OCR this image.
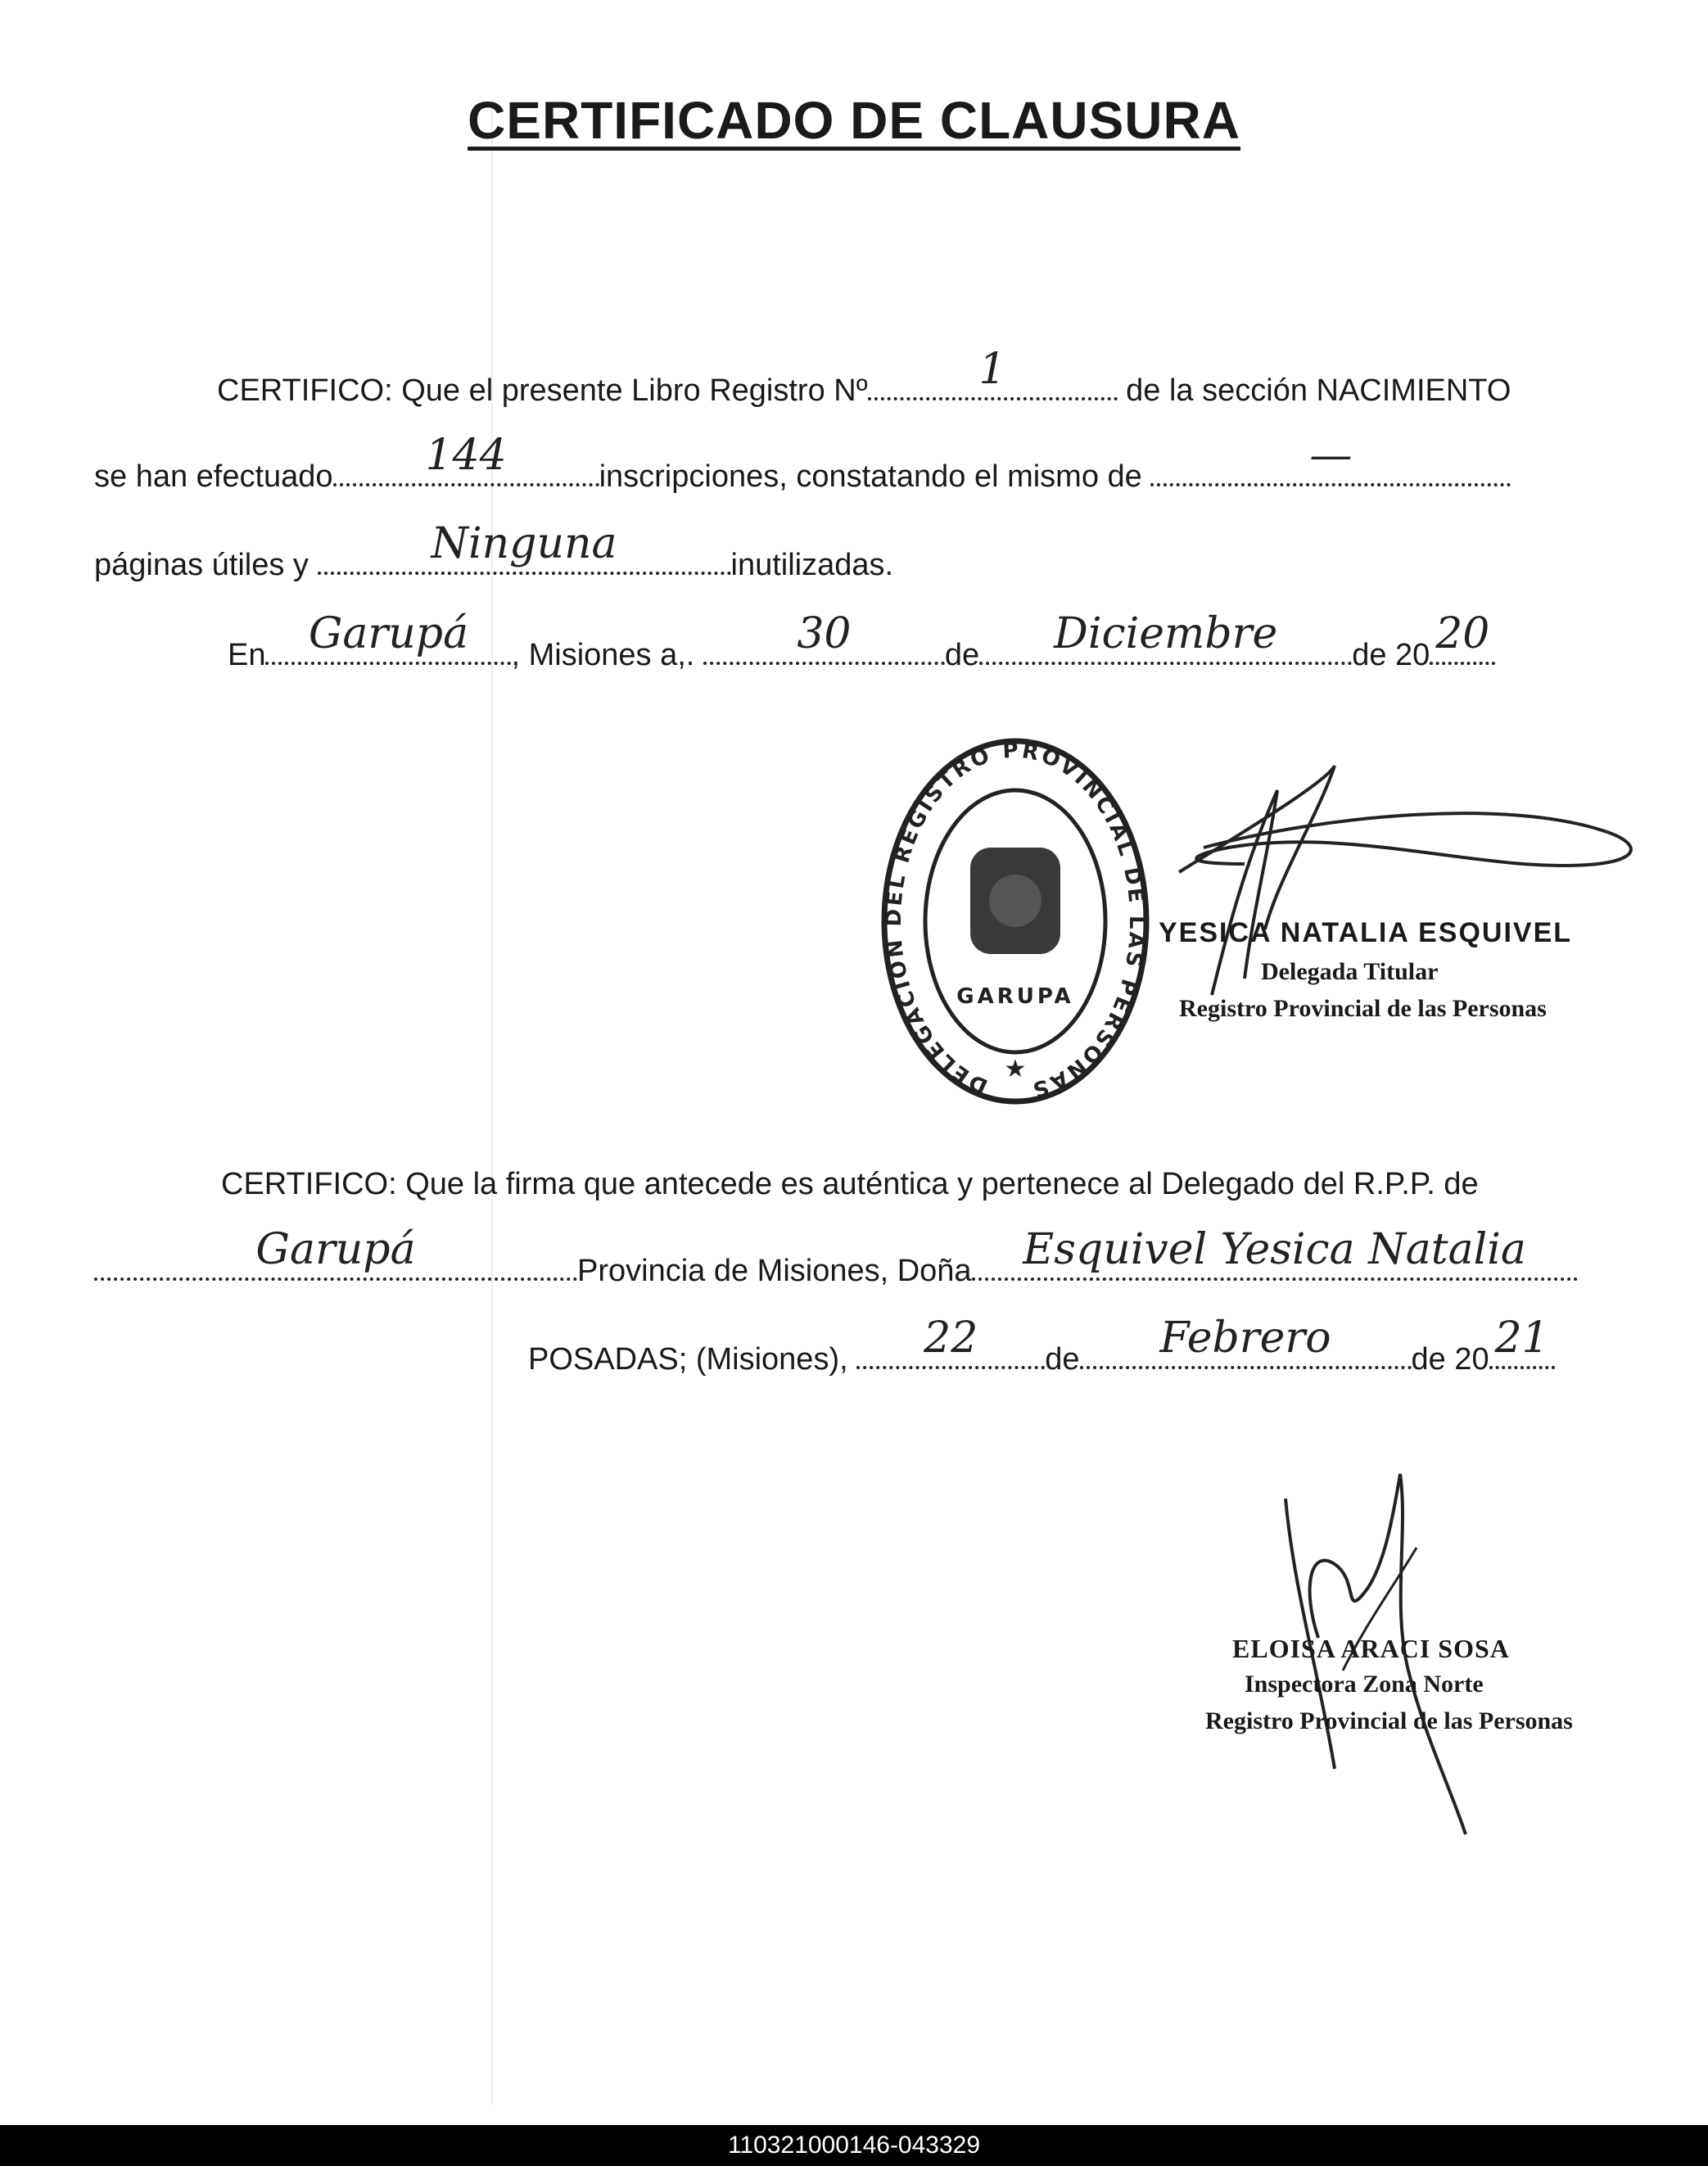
CERTIFICADO DE CLAUSURA
CERTIFICO: Que el presente Libro Registro Nº	1	de la sección NACIMIENTO
se han efectuado 144	inscripciones, constatando el mismo de	—
páginas útiles y	Ninguna	inutilizadas.
En Garupá , Misiones a,. 30	de Diciembre de 20 20
DELEGACION DEL REGISTRO PROVINCIAL DE LAS PERSONAS
GARUPA
★
YESICA NATALIA ESQUIVEL
Delegada Titular
Registro Provincial de las Personas
CERTIFICO: Que la firma que antecede es auténtica y pertenece al Delegado del R.P.P. de
Garupá	Provincia de Misiones, Doña Esquivel Yesica Natalia
POSADAS; (Misiones), 22 de Febrero	de 20 21
ELOISA ARACI SOSA
Inspectora Zona Norte
Registro Provincial de las Personas
110321000146-043329
